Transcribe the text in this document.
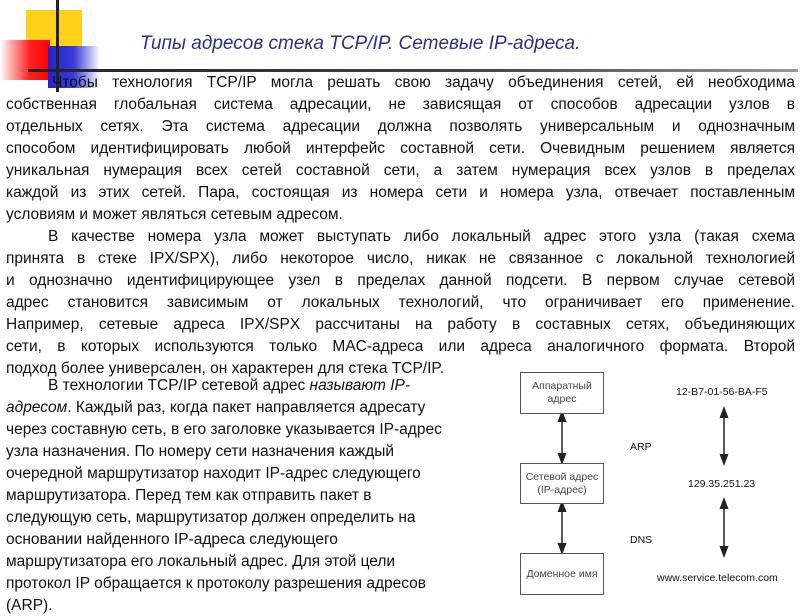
Типы адресов стека TCP/IP. Сетевые IP-адреса.
Чтобы технология TCP/IP могла решать свою задачу объединения сетей, ей необходима
собственная глобальная система адресации, не зависящая от способов адресации узлов в
отдельных сетях. Эта система адресации должна позволять универсальным и однозначным
способом идентифицировать любой интерфейс составной сети. Очевидным решением является
уникальная нумерация всех сетей составной сети, а затем нумерация всех узлов в пределах
каждой из этих сетей. Пара, состоящая из номера сети и номера узла, отвечает поставленным
условиям и может являться сетевым адресом.
В качестве номера узла может выступать либо локальный адрес этого узла (такая схема
принята в стеке IPX/SPX), либо некоторое число, никак не связанное с локальной технологией
и однозначно идентифицирующее узел в пределах данной подсети. В первом случае сетевой
адрес становится зависимым от локальных технологий, что ограничивает его применение.
Например, сетевые адреса IPX/SPX рассчитаны на работу в составных сетях, объединяющих
сети, в которых используются только MAC-адреса или адреса аналогичного формата. Второй
подход более универсален, он характерен для стека TCP/IP.
В технологии TCP/IP сетевой адрес называют IP-
адресом. Каждый раз, когда пакет направляется адресату
через составную сеть, в его заголовке указывается IP-адрес
узла назначения. По номеру сети назначения каждый
очередной маршрутизатор находит IP-адрес следующего
маршрутизатора. Перед тем как отправить пакет в
следующую сеть, маршрутизатор должен определить на
основании найденного IP-адреса следующего
маршрутизатора его локальный адрес. Для этой цели
протокол IP обращается к протоколу разрешения адресов
(ARP).
Аппаратный адрес
Сетевой адрес (IP-адрес)
Доменное имя
12-B7-01-56-BA-F5
129.35.251.23
www.service.telecom.com
ARP
DNS
